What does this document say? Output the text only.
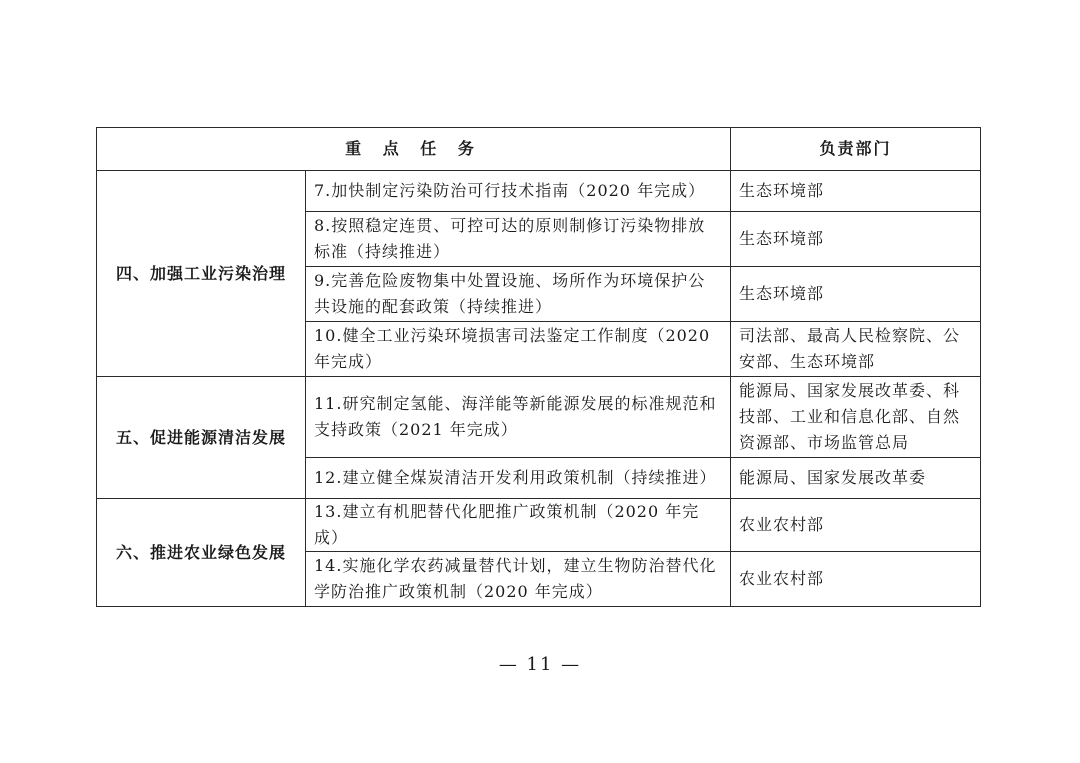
重 点 任 务		负责部门
四、加强工业污染治理	7.加快制定污染防治可行技术指南（2020 年完成）	生态环境部
	8.按照稳定连贯、可控可达的原则制修订污染物排放标准（持续推进）	生态环境部
	9.完善危险废物集中处置设施、场所作为环境保护公共设施的配套政策（持续推进）	生态环境部
	10.健全工业污染环境损害司法鉴定工作制度（2020 年完成）	司法部、最高人民检察院、公安部、生态环境部
五、促进能源清洁发展	11.研究制定氢能、海洋能等新能源发展的标准规范和支持政策（2021 年完成）	能源局、国家发展改革委、科技部、工业和信息化部、自然资源部、市场监管总局
	12.建立健全煤炭清洁开发利用政策机制（持续推进）	能源局、国家发展改革委
六、推进农业绿色发展	13.建立有机肥替代化肥推广政策机制（2020 年完成）	农业农村部
	14.实施化学农药减量替代计划，建立生物防治替代化学防治推广政策机制（2020 年完成）	农业农村部
— 11 —
